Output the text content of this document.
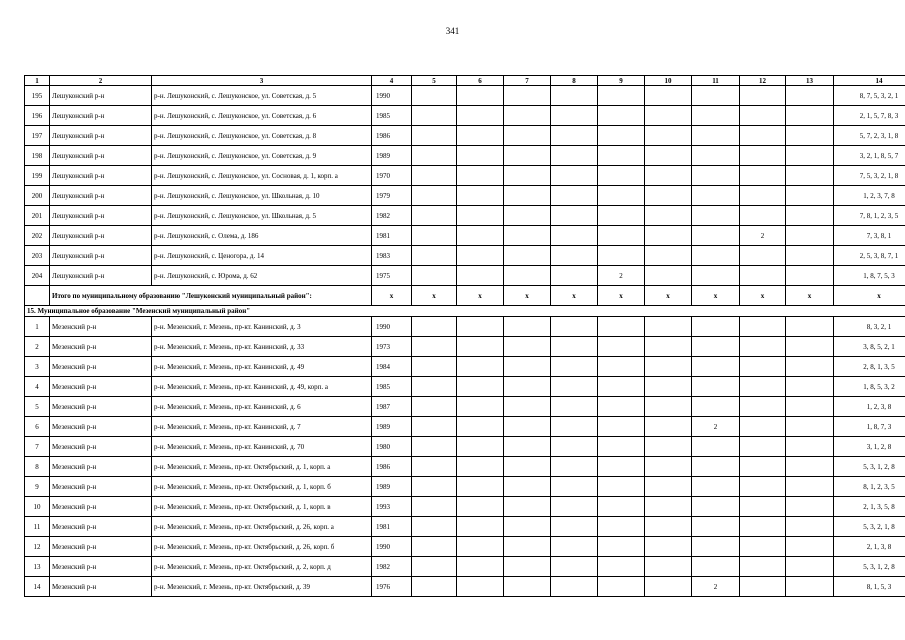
341
1	2	3	4	5	6	7	8	9	10	11	12	13	14
195	Лешуконский р-н	р-н. Лешуконский, с. Лешуконское, ул. Советская, д. 5	1990										8, 7, 5, 3, 2, 1
196	Лешуконский р-н	р-н. Лешуконский, с. Лешуконское, ул. Советская, д. 6	1985										2, 1, 5, 7, 8, 3
197	Лешуконский р-н	р-н. Лешуконский, с. Лешуконское, ул. Советская, д. 8	1986										5, 7, 2, 3, 1, 8
198	Лешуконский р-н	р-н. Лешуконский, с. Лешуконское, ул. Советская, д. 9	1989										3, 2, 1, 8, 5, 7
199	Лешуконский р-н	р-н. Лешуконский, с. Лешуконское, ул. Сосновая, д. 1, корп. а	1970										7, 5, 3, 2, 1, 8
200	Лешуконский р-н	р-н. Лешуконский, с. Лешуконское, ул. Школьная, д. 10	1979										1, 2, 3, 7, 8
201	Лешуконский р-н	р-н. Лешуконский, с. Лешуконское, ул. Школьная, д. 5	1982										7, 8, 1, 2, 3, 5
202	Лешуконский р-н	р-н. Лешуконский, с. Олема, д. 186	1981								2		7, 3, 8, 1
203	Лешуконский р-н	р-н. Лешуконский, с. Ценогора, д. 14	1983										2, 5, 3, 8, 7, 1
204	Лешуконский р-н	р-н. Лешуконский, с. Юрома, д. 62	1975					2					1, 8, 7, 5, 3
	Итого по муниципальному образованию "Лешуконский муниципальный район":		x	x	x	x	x	x	x	x	x	x	x
15. Муниципальное образование "Мезенский муниципальный район"													
1	Мезенский р-н	р-н. Мезенский, г. Мезень, пр-кт. Канинский, д. 3	1990										8, 3, 2, 1
2	Мезенский р-н	р-н. Мезенский, г. Мезень, пр-кт. Канинский, д. 33	1973										3, 8, 5, 2, 1
3	Мезенский р-н	р-н. Мезенский, г. Мезень, пр-кт. Канинский, д. 49	1984										2, 8, 1, 3, 5
4	Мезенский р-н	р-н. Мезенский, г. Мезень, пр-кт. Канинский, д. 49, корп. а	1985										1, 8, 5, 3, 2
5	Мезенский р-н	р-н. Мезенский, г. Мезень, пр-кт. Канинский, д. 6	1987										1, 2, 3, 8
6	Мезенский р-н	р-н. Мезенский, г. Мезень, пр-кт. Канинский, д. 7	1989							2			1, 8, 7, 3
7	Мезенский р-н	р-н. Мезенский, г. Мезень, пр-кт. Канинский, д. 70	1980										3, 1, 2, 8
8	Мезенский р-н	р-н. Мезенский, г. Мезень, пр-кт. Октябрьский, д. 1, корп. а	1986										5, 3, 1, 2, 8
9	Мезенский р-н	р-н. Мезенский, г. Мезень, пр-кт. Октябрьский, д. 1, корп. б	1989										8, 1, 2, 3, 5
10	Мезенский р-н	р-н. Мезенский, г. Мезень, пр-кт. Октябрьский, д. 1, корп. в	1993										2, 1, 3, 5, 8
11	Мезенский р-н	р-н. Мезенский, г. Мезень, пр-кт. Октябрьский, д. 26, корп. а	1981										5, 3, 2, 1, 8
12	Мезенский р-н	р-н. Мезенский, г. Мезень, пр-кт. Октябрьский, д. 26, корп. б	1990										2, 1, 3, 8
13	Мезенский р-н	р-н. Мезенский, г. Мезень, пр-кт. Октябрьский, д. 2, корп. д	1982										5, 3, 1, 2, 8
14	Мезенский р-н	р-н. Мезенский, г. Мезень, пр-кт. Октябрьский, д. 39	1976							2			8, 1, 5, 3
